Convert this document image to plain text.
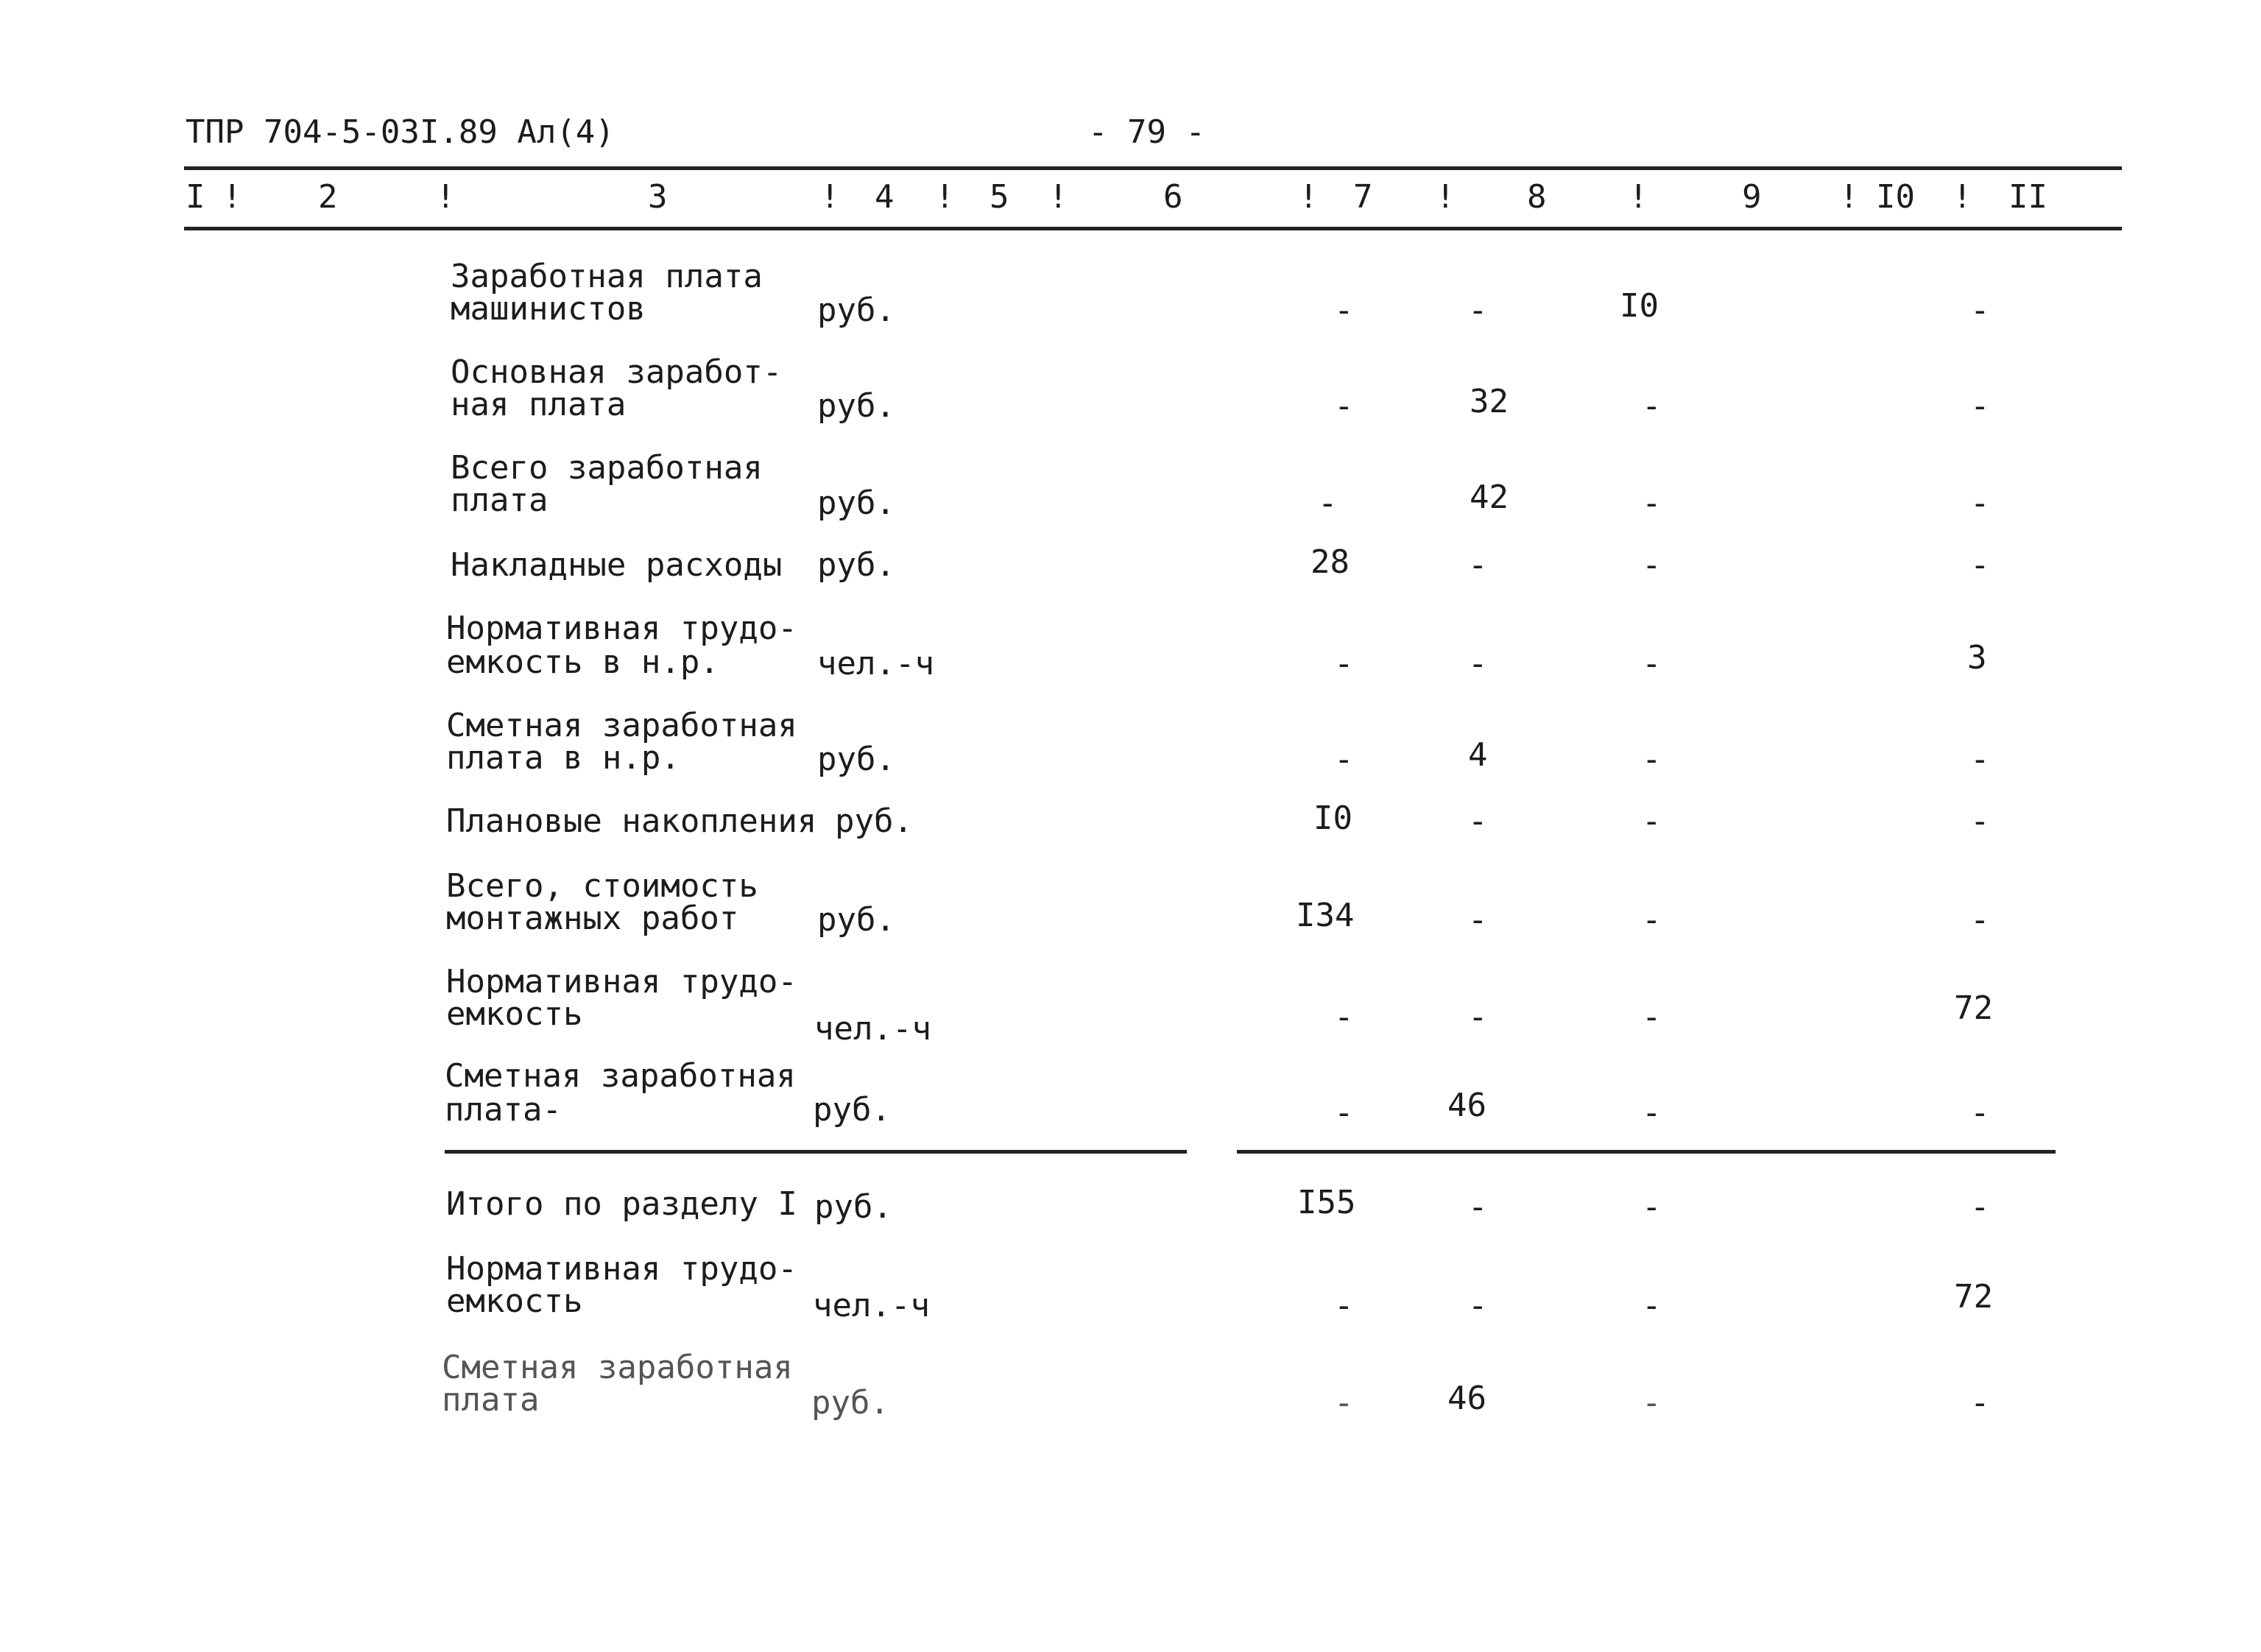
ТПР 704-5-03I.89 Ал(4)	- 79 -
I ! 2	!	3	! 4 ! 5 !	6	! 7 ! 8	!	9 ! I0 ! II
Заработная плата
машинистов	руб.	-	-	I0	-
Основная заработ-
ная плата	руб.	-	32	-	-
Всего заработная
плата	руб.	-	42	-	-
Накладные расходы руб.	28	-	-	-
Нормативная трудо-
емкость в н.р.	чел.-ч	-	-	-	3
Сметная заработная
плата в н.р.	руб.	-	4	-	-
Плановые накопления руб.	I0	-	-	-
Всего, стоимость
монтажных работ руб.	I34	-	-	-
Нормативная трудо-
емкость	чел.-ч	-	-	-	72
Сметная заработная
плата-	руб.	-	46	-	-
Итого по разделу I руб.	I55	-	-	-
Нормативная трудо-
емкость	чел.-ч	-	-	-	72
Сметная заработная
плата	руб.	-	46	-	-
